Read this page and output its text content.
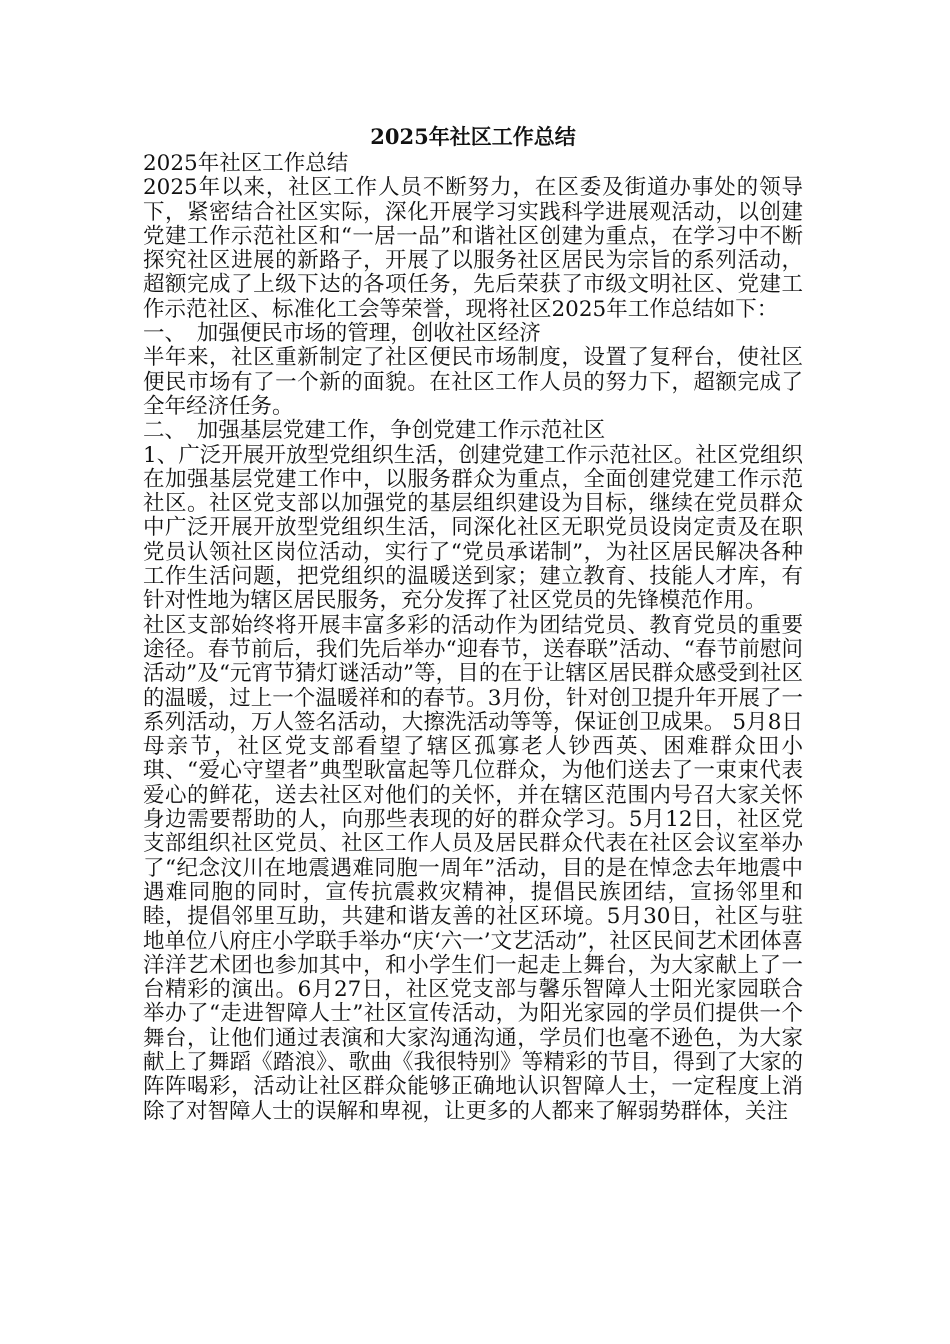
2025年社区工作总结

2025年社区工作总结

2025年以来，社区工作人员不断努力，在区委及街道办事处的领导下，紧密结合社区实际，深化开展学习实践科学进展观活动，以创建党建工作示范社区和“一居一品”和谐社区创建为重点，在学习中不断探究社区进展的新路子，开展了以服务社区居民为宗旨的系列活动，超额完成了上级下达的各项任务，先后荣获了市级文明社区、党建工作示范社区、标准化工会等荣誉，现将社区2025年工作总结如下：

一、　加强便民市场的管理，创收社区经济

半年来，社区重新制定了社区便民市场制度，设置了复秤台，使社区便民市场有了一个新的面貌。在社区工作人员的努力下，超额完成了全年经济任务。

二、　加强基层党建工作，争创党建工作示范社区

1、广泛开展开放型党组织生活，创建党建工作示范社区。社区党组织在加强基层党建工作中，以服务群众为重点，全面创建党建工作示范社区。社区党支部以加强党的基层组织建设为目标，继续在党员群众中广泛开展开放型党组织生活，同深化社区无职党员设岗定责及在职党员认领社区岗位活动，实行了“党员承诺制”，为社区居民解决各种工作生活问题，把党组织的温暖送到家；建立教育、技能人才库，有针对性地为辖区居民服务，充分发挥了社区党员的先锋模范作用。

社区支部始终将开展丰富多彩的活动作为团结党员、教育党员的重要途径。春节前后，我们先后举办“迎春节，送春联”活动、“春节前慰问活动”及“元宵节猜灯谜活动”等，目的在于让辖区居民群众感受到社区的温暖，过上一个温暖祥和的春节。3月份，针对创卫提升年开展了一系列活动，万人签名活动，大擦洗活动等等，保证创卫成果。 5月8日母亲节，社区党支部看望了辖区孤寡老人钞西英、困难群众田小琪、“爱心守望者”典型耿富起等几位群众，为他们送去了一束束代表爱心的鲜花，送去社区对他们的关怀，并在辖区范围内号召大家关怀身边需要帮助的人，向那些表现的好的群众学习。5月12日，社区党支部组织社区党员、社区工作人员及居民群众代表在社区会议室举办了“纪念汶川在地震遇难同胞一周年”活动，目的是在悼念去年地震中遇难同胞的同时，宣传抗震救灾精神，提倡民族团结，宣扬邻里和睦，提倡邻里互助，共建和谐友善的社区环境。5月30日，社区与驻地单位八府庄小学联手举办“庆‘六一’文艺活动”，社区民间艺术团体喜洋洋艺术团也参加其中，和小学生们一起走上舞台，为大家献上了一台精彩的演出。6月27日，社区党支部与馨乐智障人士阳光家园联合举办了“走进智障人士”社区宣传活动，为阳光家园的学员们提供一个舞台，让他们通过表演和大家沟通沟通，学员们也毫不逊色，为大家献上了舞蹈《踏浪》、歌曲《我很特别》等精彩的节目，得到了大家的阵阵喝彩，活动让社区群众能够正确地认识智障人士，一定程度上消除了对智障人士的误解和卑视，让更多的人都来了解弱势群体，关注
